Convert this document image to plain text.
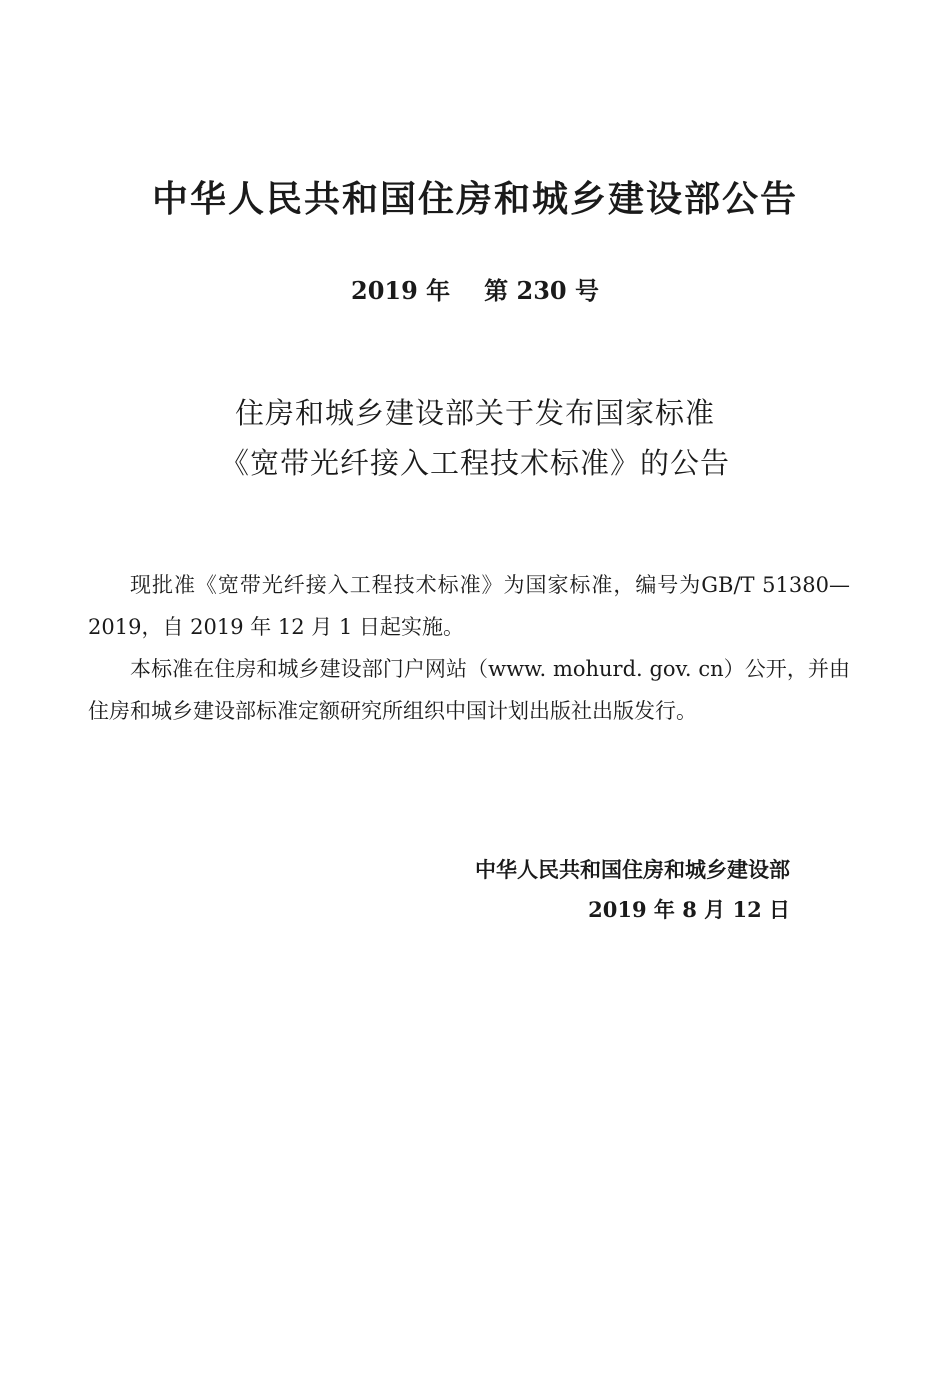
中华人民共和国住房和城乡建设部公告
2019 年 第 230 号
住房和城乡建设部关于发布国家标准
《宽带光纤接入工程技术标准》的公告

现批准《宽带光纤接入工程技术标准》为国家标准，编号为GB/T 51380—2019，自 2019 年 12 月 1 日起实施。

本标准在住房和城乡建设部门户网站（www. mohurd. gov. cn）公开，并由住房和城乡建设部标准定额研究所组织中国计划出版社出版发行。

中华人民共和国住房和城乡建设部
2019 年 8 月 12 日
